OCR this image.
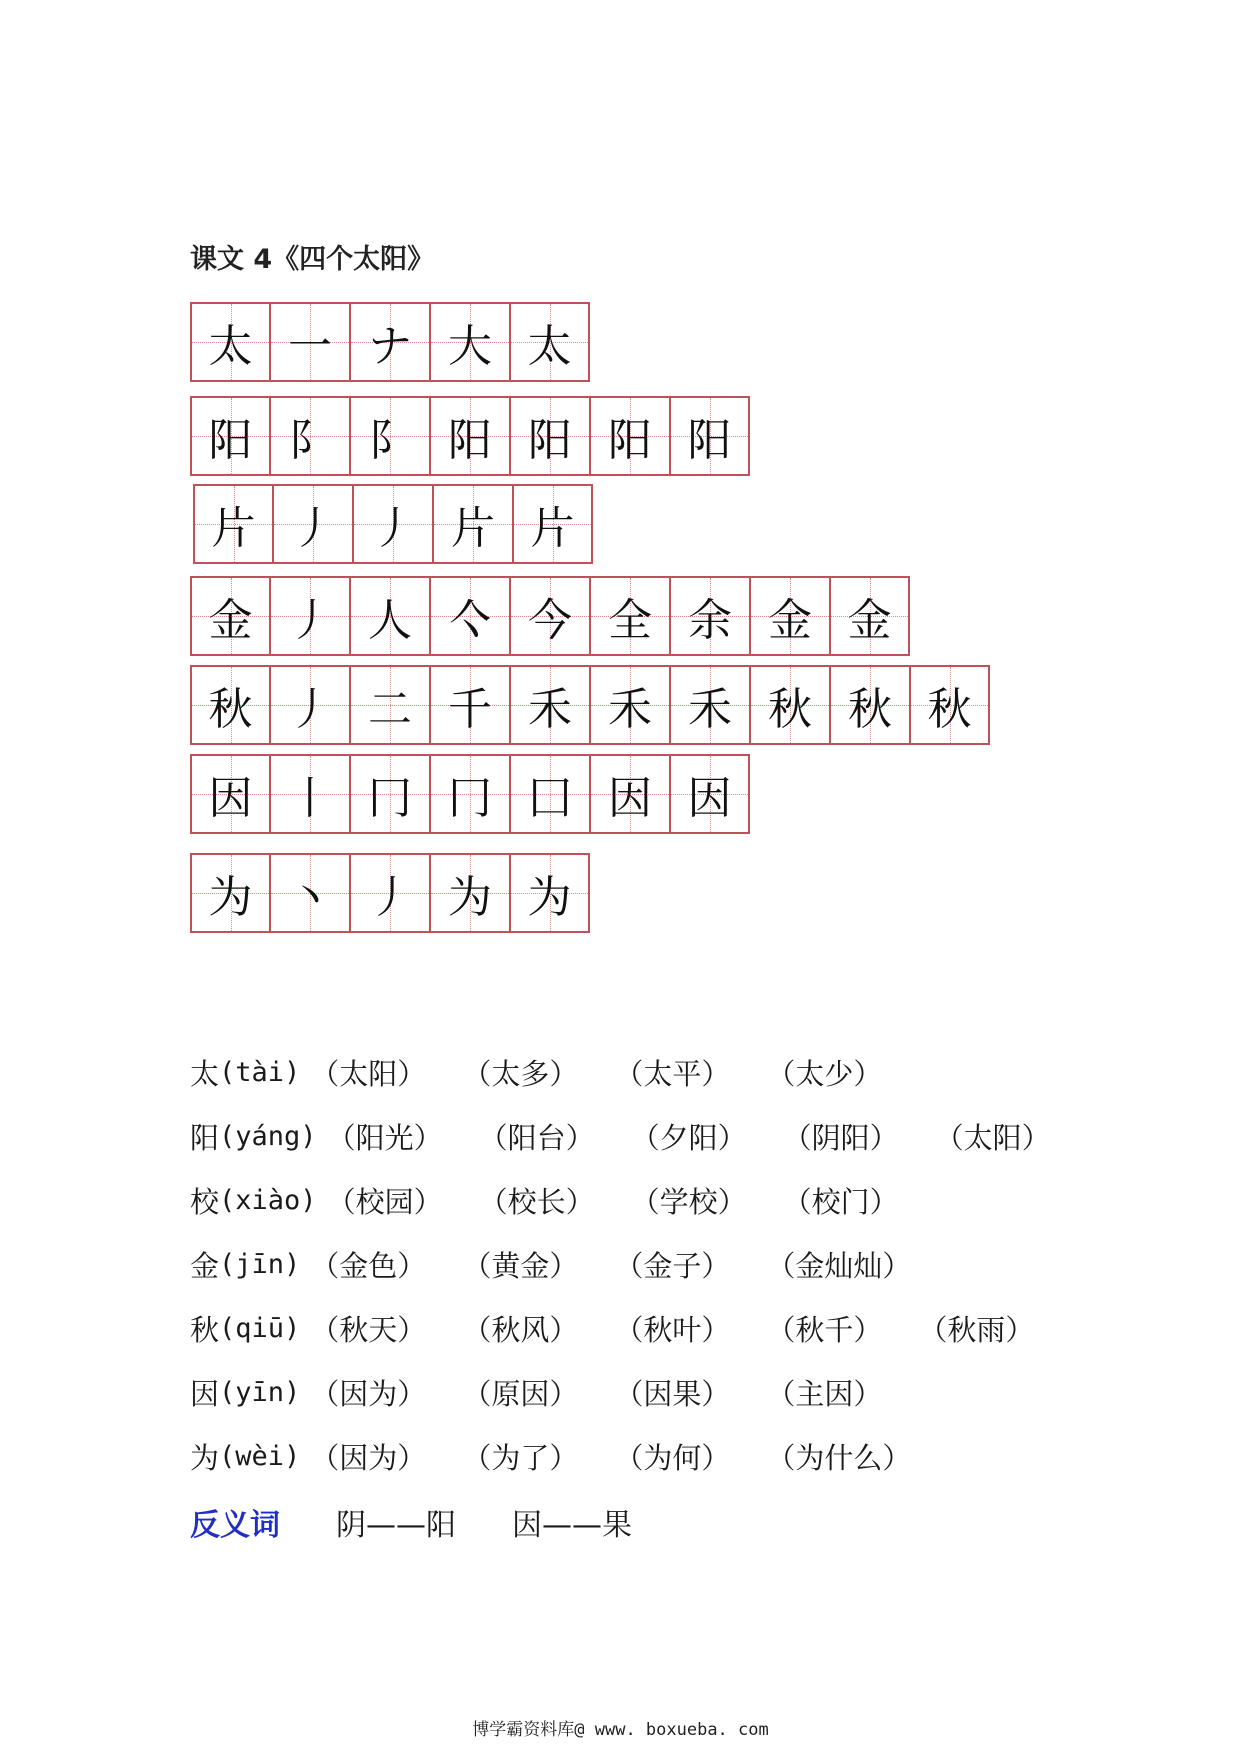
课文 4《四个太阳》
太 一 ナ 大 太
阳 阝 阝 阳 阳 阳 阳
片 丿 丿 片 片
金 丿 人 亽 今 全 余 金 金
秋 丿 二 千 禾 禾 禾 秋 秋 秋
因 丨 冂 冂 囗 因 因
为 丶 丿 为 为
太 (tài) （太阳） （太多） （太平） （太少）
阳 (yáng) （阳光） （阳台） （夕阳） （阴阳） （太阳）
校 (xiào) （校园） （校长） （学校） （校门）
金 (jīn) （金色） （黄金） （金子） （金灿灿）
秋 (qiū) （秋天） （秋风） （秋叶） （秋千） （秋雨）
因 (yīn) （因为） （原因） （因果） （主因）
为 (wèi) （因为） （为了） （为何） （为什么）
反义词 阴——阳 因——果
博学霸资料库@ www. boxueba. com
